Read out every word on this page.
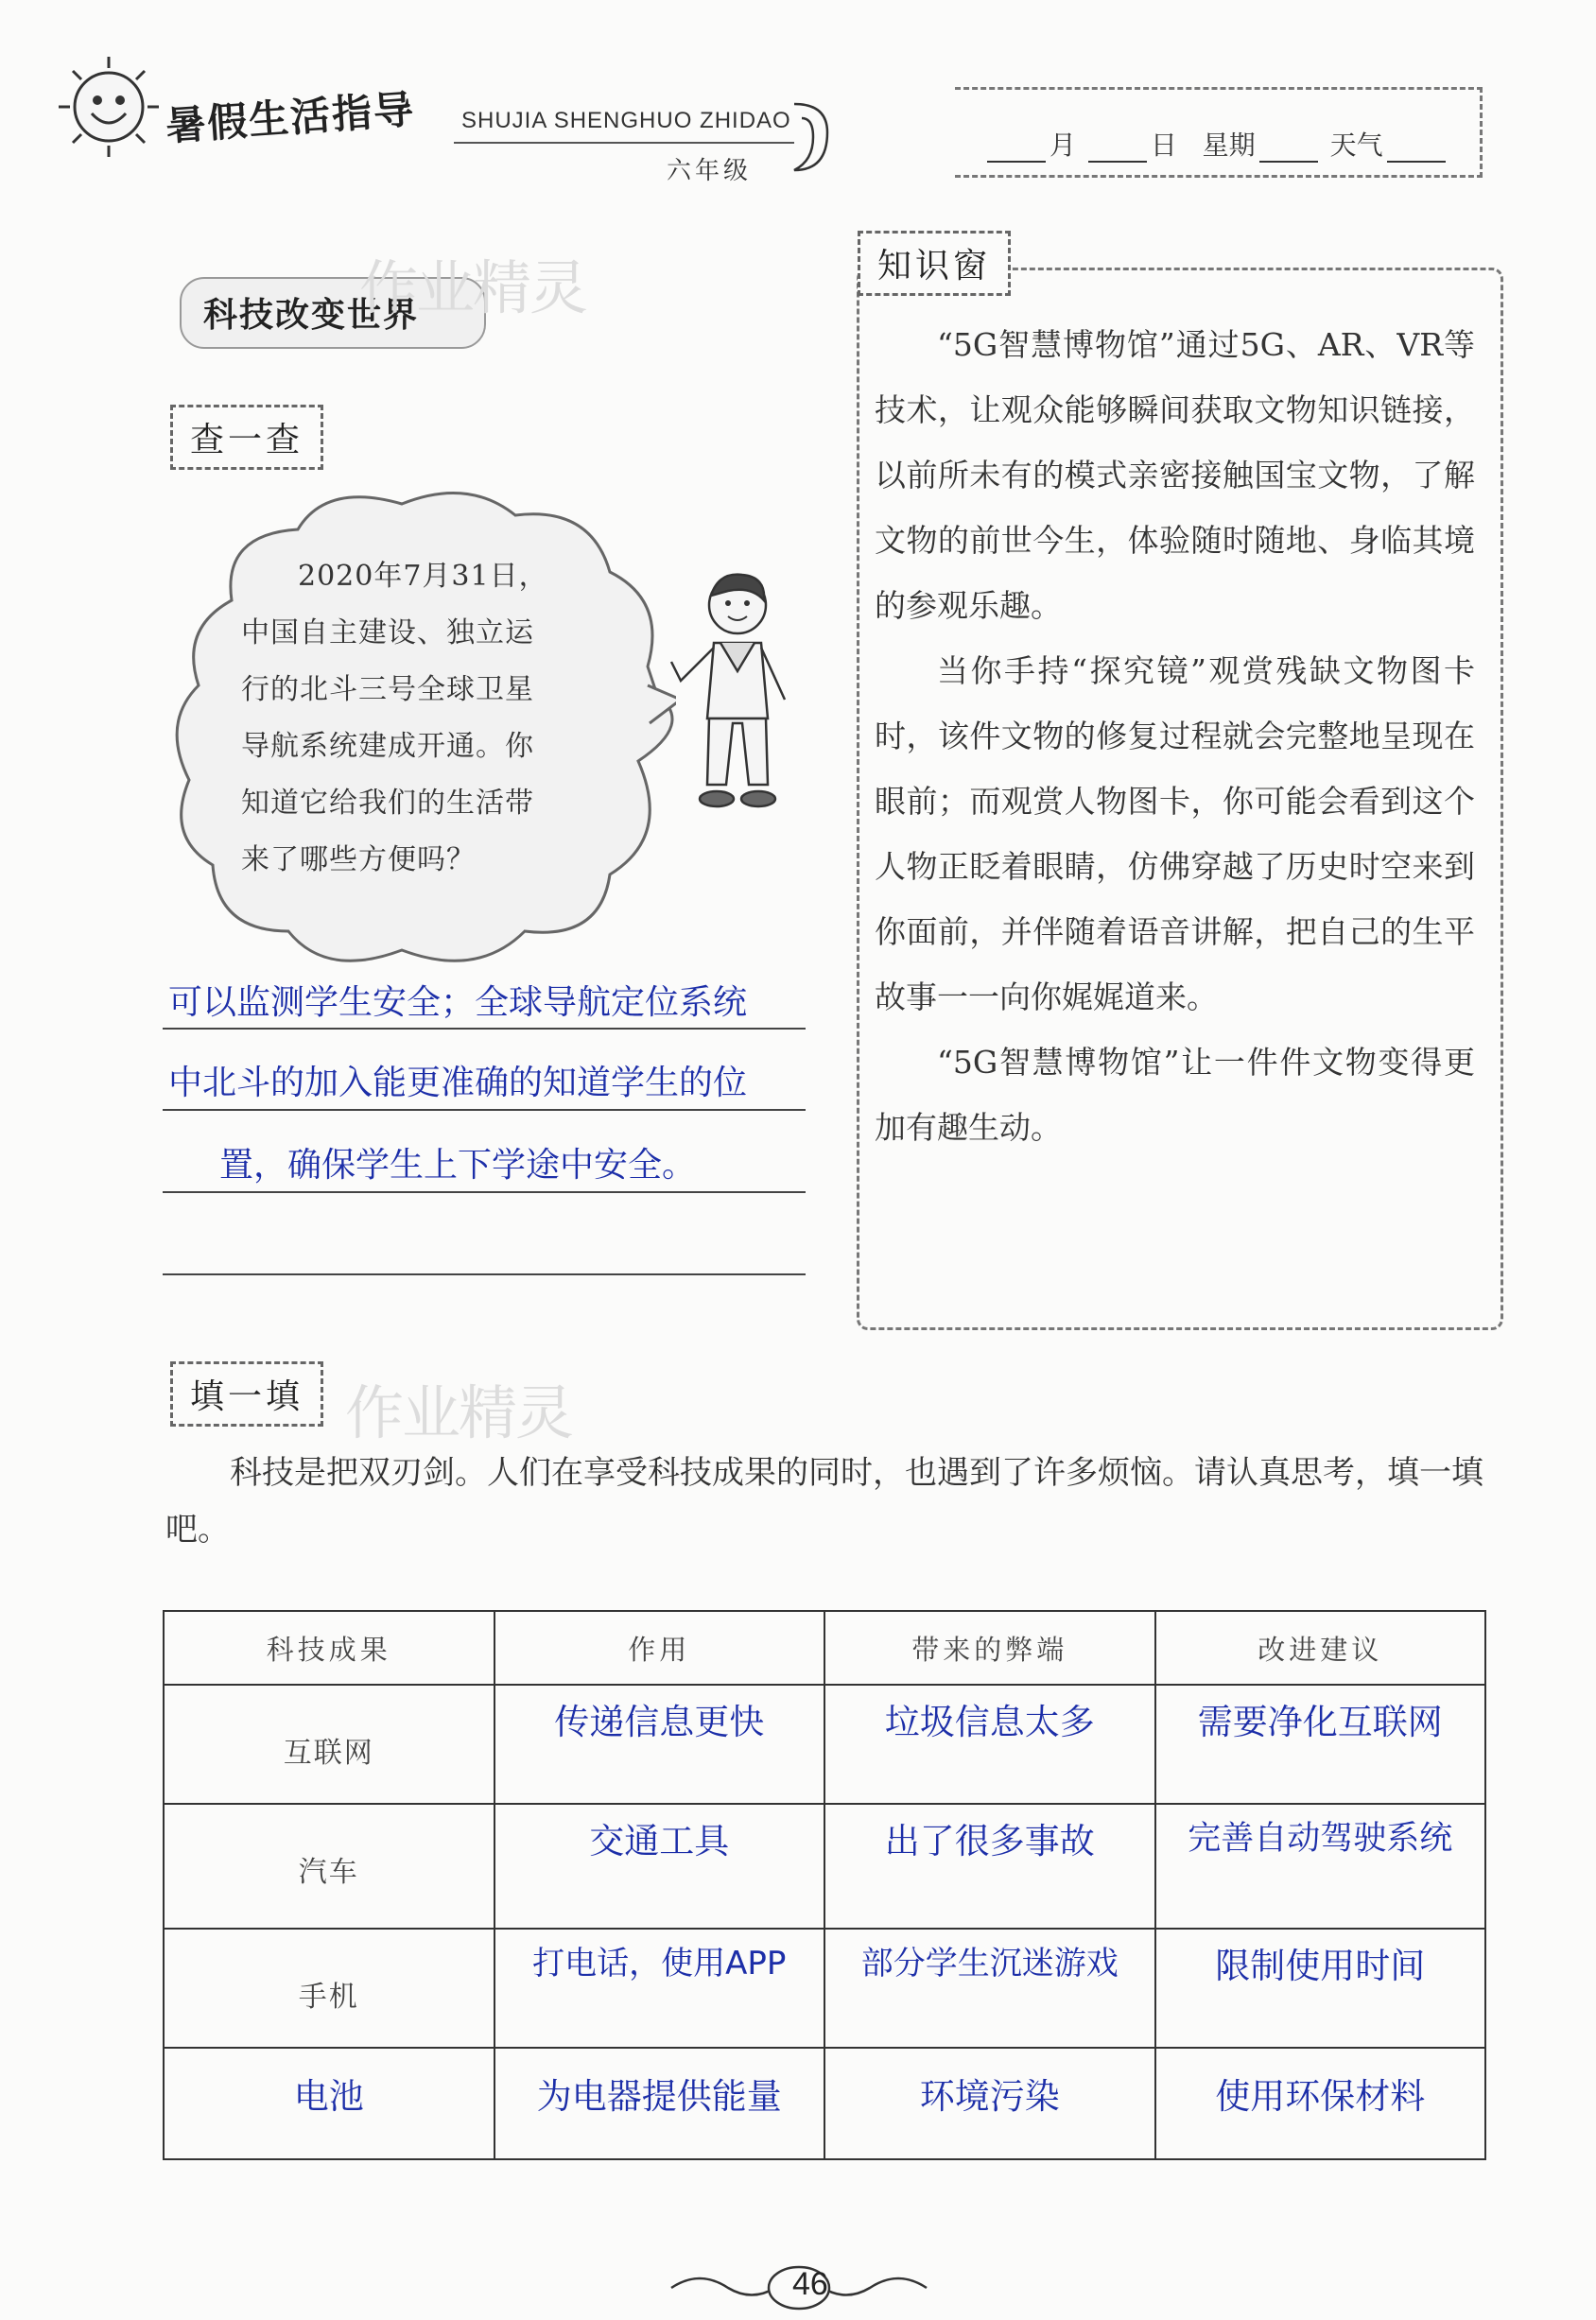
暑假生活指导 SHUJIA SHENGHUO ZHIDAO
六年级
月	日 星期	天气
科技改变世界
作业精灵
查一查
2020年7月31日，
中国自主建设、独立运
行的北斗三号全球卫星
导航系统建成开通。你
知道它给我们的生活带
来了哪些方便吗？
可以监测学生安全；全球导航定位系统
中北斗的加入能更准确的知道学生的位
置，确保学生上下学途中安全。
知识窗

“5G智慧博物馆”通过5G、AR、VR等技术，让观众能够瞬间获取文物知识链接，以前所未有的模式亲密接触国宝文物，了解文物的前世今生，体验随时随地、身临其境的参观乐趣。

当你手持“探究镜”观赏残缺文物图卡时，该件文物的修复过程就会完整地呈现在眼前；而观赏人物图卡，你可能会看到这个人物正眨着眼睛，仿佛穿越了历史时空来到你面前，并伴随着语音讲解，把自己的生平故事一一向你娓娓道来。

“5G智慧博物馆”让一件件文物变得更加有趣生动。

填一填 作业精灵
科技是把双刃剑。人们在享受科技成果的同时，也遇到了许多烦恼。请认真思考，填一填吧。
科技成果	作用	带来的弊端	改进建议

互联网	传递信息更快	垃圾信息太多	需要净化互联网

汽车	交通工具	出了很多事故	完善自动驾驶系统

手机	打电话，使用APP	部分学生沉迷游戏	限制使用时间

电池	为电器提供能量	环境污染	使用环保材料
46
